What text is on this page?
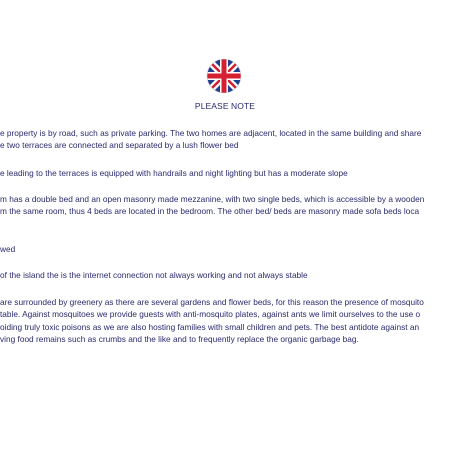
PLEASE NOTE
e property is by road, such as private parking. The two homes are adjacent, located in the same building and share
e two terraces are connected and separated by a lush flower bed
e leading to the terraces is equipped with handrails and night lighting but has a moderate slope
m has a double bed and an open masonry made mezzanine, with two single beds, which is accessible by a wooden
m the same room, thus 4 beds are located in the bedroom. The other bed/ beds are masonry made sofa beds loca
wed
of the island the is the internet connection not always working and not always stable
are surrounded by greenery as there are several gardens and flower beds, for this reason the presence of mosquito
table. Against mosquitoes we provide guests with anti-mosquito plates, against ants we limit ourselves to the use o
oiding truly toxic poisons as we are also hosting families with small children and pets. The best antidote against an
ving food remains such as crumbs and the like and to frequently replace the organic garbage bag.
